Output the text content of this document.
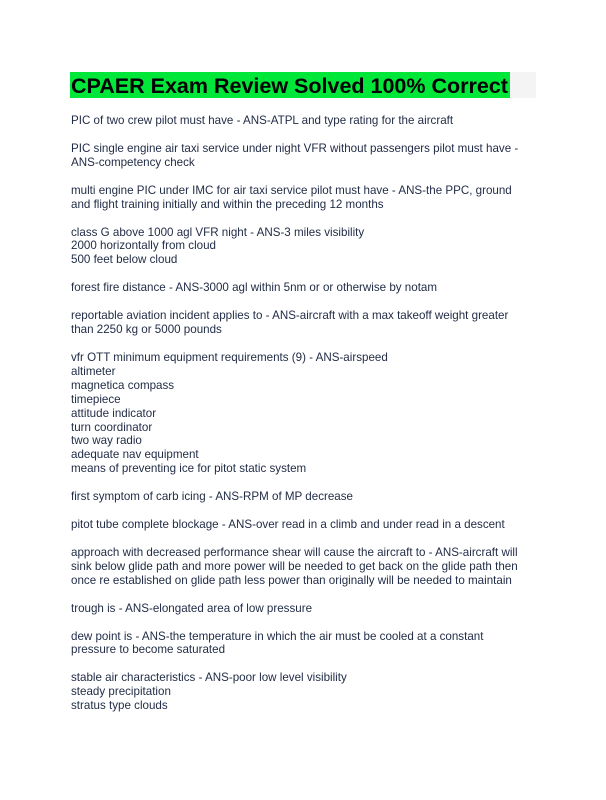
CPAER Exam Review Solved 100% Correct
PIC of two crew pilot must have - ANS-ATPL and type rating for the aircraft
PIC single engine air taxi service under night VFR without passengers pilot must have -
ANS-competency check
multi engine PIC under IMC for air taxi service pilot must have - ANS-the PPC, ground
and flight training initially and within the preceding 12 months
class G above 1000 agl VFR night - ANS-3 miles visibility
2000 horizontally from cloud
500 feet below cloud
forest fire distance - ANS-3000 agl within 5nm or or otherwise by notam
reportable aviation incident applies to - ANS-aircraft with a max takeoff weight greater
than 2250 kg or 5000 pounds
vfr OTT minimum equipment requirements (9) - ANS-airspeed
altimeter
magnetica compass
timepiece
attitude indicator
turn coordinator
two way radio
adequate nav equipment
means of preventing ice for pitot static system
first symptom of carb icing - ANS-RPM of MP decrease
pitot tube complete blockage - ANS-over read in a climb and under read in a descent
approach with decreased performance shear will cause the aircraft to - ANS-aircraft will
sink below glide path and more power will be needed to get back on the glide path then
once re established on glide path less power than originally will be needed to maintain
trough is - ANS-elongated area of low pressure
dew point is - ANS-the temperature in which the air must be cooled at a constant
pressure to become saturated
stable air characteristics - ANS-poor low level visibility
steady precipitation
stratus type clouds
